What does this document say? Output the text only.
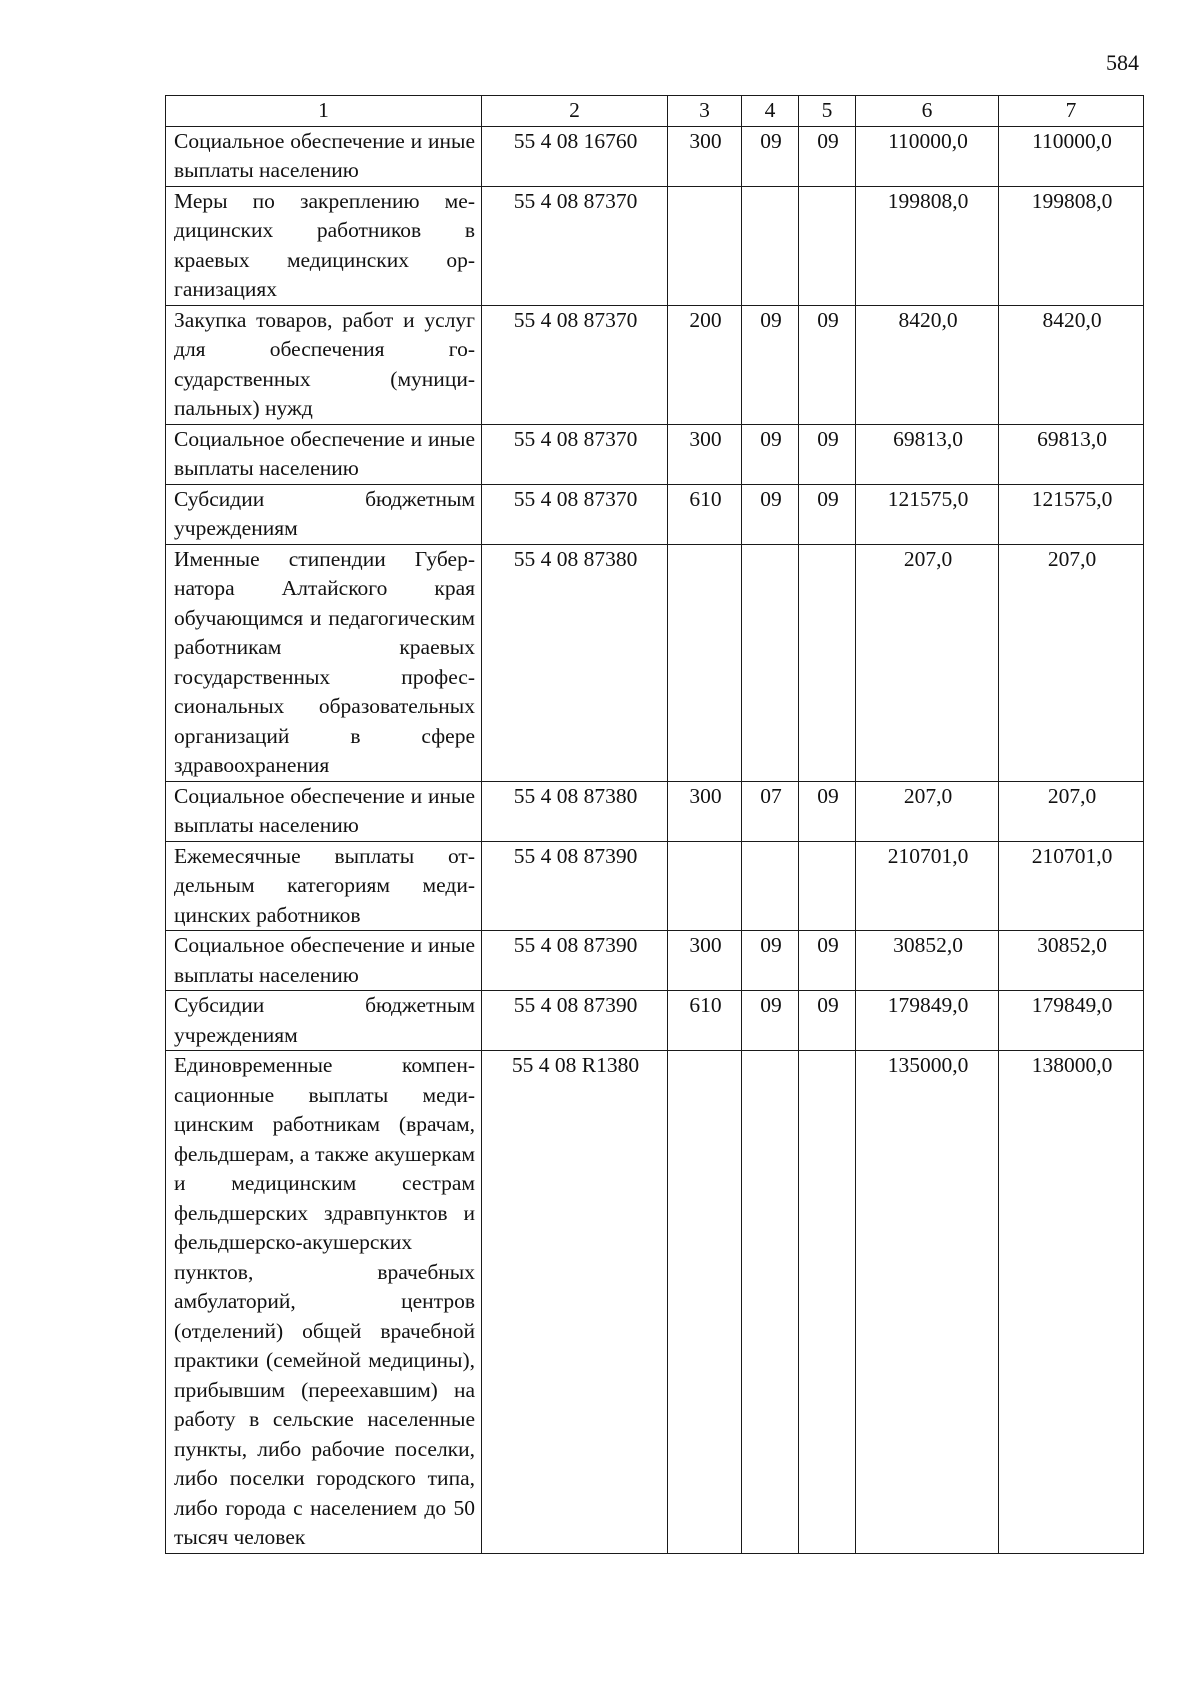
584
1	2	3	4	5	6	7
Социальное обеспечение и иные выплаты населению	55 4 08 16760	300	09	09	110000,0	110000,0
Меры по закреплению медицинских работников в краевых медицинских организациях	55 4 08 87370				199808,0	199808,0
Закупка товаров, работ и услуг для обеспечения государственных (муниципальных) нужд	55 4 08 87370	200	09	09	8420,0	8420,0
Социальное обеспечение и иные выплаты населению	55 4 08 87370	300	09	09	69813,0	69813,0
Субсидии бюджетным учреждениям	55 4 08 87370	610	09	09	121575,0	121575,0
Именные стипендии Губернатора Алтайского края обучающимся и педагогическим работникам краевых государственных профессиональных образовательных организаций в сфере здравоохранения	55 4 08 87380				207,0	207,0
Социальное обеспечение и иные выплаты населению	55 4 08 87380	300	07	09	207,0	207,0
Ежемесячные выплаты отдельным категориям медицинских работников	55 4 08 87390				210701,0	210701,0
Социальное обеспечение и иные выплаты населению	55 4 08 87390	300	09	09	30852,0	30852,0
Субсидии бюджетным учреждениям	55 4 08 87390	610	09	09	179849,0	179849,0
Единовременные компенсационные выплаты медицинским работникам (врачам, фельдшерам, а также акушеркам и медицинским сестрам фельдшерских здравпунктов и фельдшерско-акушерских пунктов, врачебных амбулаторий, центров (отделений) общей врачебной практики (семейной медицины), прибывшим (переехавшим) на работу в сельские населенные пункты, либо рабочие поселки, либо поселки городского типа, либо города с населением до 50 тысяч человек	55 4 08 R1380				135000,0	138000,0
